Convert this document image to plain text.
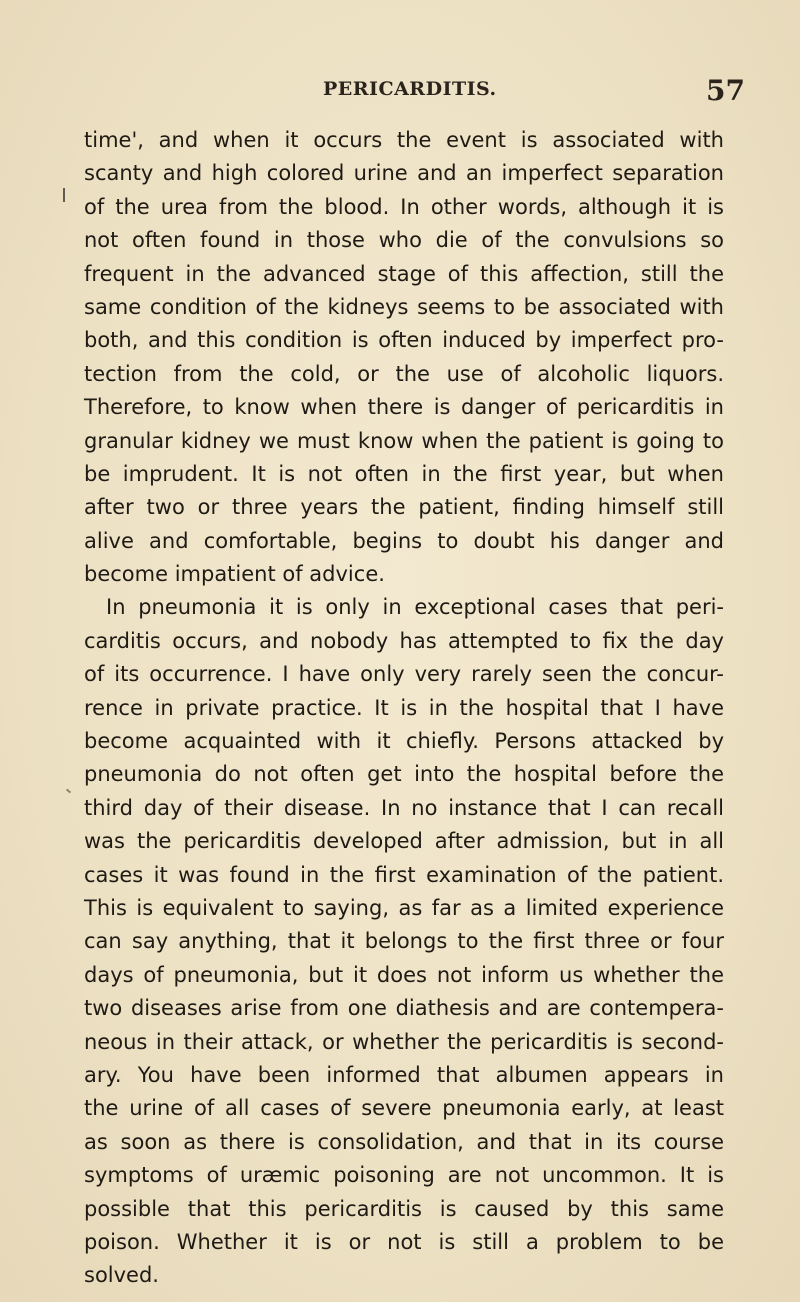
PERICARDITIS.	57
time', and when it occurs the event is associated with
scanty and high colored urine and an imperfect separation
of the urea from the blood. In other words, although it is
not often found in those who die of the convulsions so
frequent in the advanced stage of this affection, still the
same condition of the kidneys seems to be associated with
both, and this condition is often induced by imperfect pro-
tection from the cold, or the use of alcoholic liquors.
Therefore, to know when there is danger of pericarditis in
granular kidney we must know when the patient is going to
be imprudent. It is not often in the first year, but when
after two or three years the patient, finding himself still
alive and comfortable, begins to doubt his danger and
become impatient of advice.
In pneumonia it is only in exceptional cases that peri-
carditis occurs, and nobody has attempted to fix the day
of its occurrence. I have only very rarely seen the concur-
rence in private practice. It is in the hospital that I have
become acquainted with it chiefly. Persons attacked by
pneumonia do not often get into the hospital before the
third day of their disease. In no instance that I can recall
was the pericarditis developed after admission, but in all
cases it was found in the first examination of the patient.
This is equivalent to saying, as far as a limited experience
can say anything, that it belongs to the first three or four
days of pneumonia, but it does not inform us whether the
two diseases arise from one diathesis and are contempera-
neous in their attack, or whether the pericarditis is second-
ary. You have been informed that albumen appears in
the urine of all cases of severe pneumonia early, at least
as soon as there is consolidation, and that in its course
symptoms of uræmic poisoning are not uncommon. It is
possible that this pericarditis is caused by this same
poison. Whether it is or not is still a problem to be
solved.
